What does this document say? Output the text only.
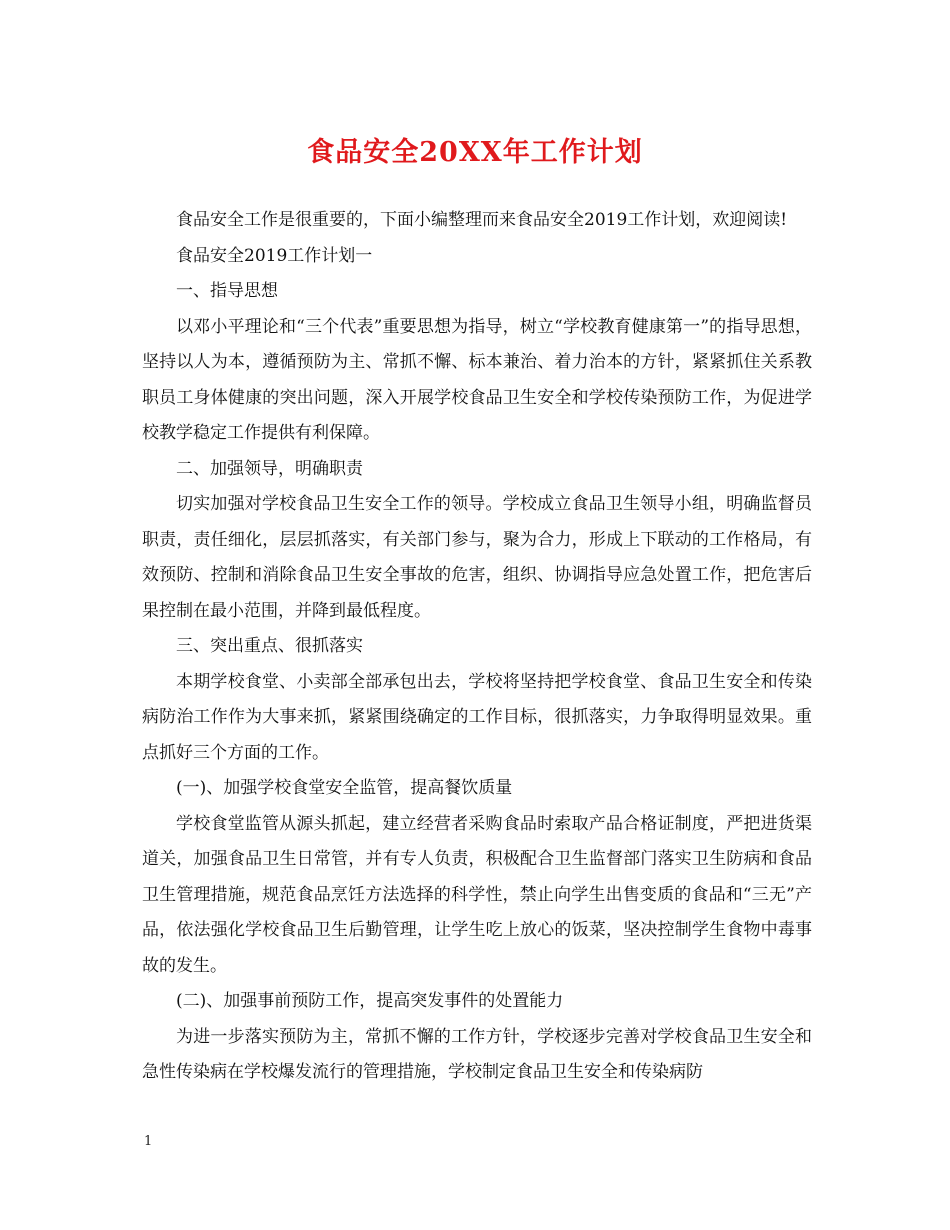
食品安全20XX年工作计划

食品安全工作是很重要的，下面小编整理而来食品安全2019工作计划，欢迎阅读!

食品安全2019工作计划一

一、指导思想

以邓小平理论和“三个代表”重要思想为指导，树立“学校教育健康第一”的指导思想，坚持以人为本，遵循预防为主、常抓不懈、标本兼治、着力治本的方针，紧紧抓住关系教职员工身体健康的突出问题，深入开展学校食品卫生安全和学校传染预防工作，为促进学校教学稳定工作提供有利保障。

二、加强领导，明确职责

切实加强对学校食品卫生安全工作的领导。学校成立食品卫生领导小组，明确监督员职责，责任细化，层层抓落实，有关部门参与，聚为合力，形成上下联动的工作格局，有效预防、控制和消除食品卫生安全事故的危害，组织、协调指导应急处置工作，把危害后果控制在最小范围，并降到最低程度。

三、突出重点、很抓落实

本期学校食堂、小卖部全部承包出去，学校将坚持把学校食堂、食品卫生安全和传染病防治工作作为大事来抓，紧紧围绕确定的工作目标，很抓落实，力争取得明显效果。重点抓好三个方面的工作。

(一)、加强学校食堂安全监管，提高餐饮质量

学校食堂监管从源头抓起，建立经营者采购食品时索取产品合格证制度，严把进货渠道关，加强食品卫生日常管，并有专人负责，积极配合卫生监督部门落实卫生防病和食品卫生管理措施，规范食品烹饪方法选择的科学性，禁止向学生出售变质的食品和“三无”产品，依法强化学校食品卫生后勤管理，让学生吃上放心的饭菜，坚决控制学生食物中毒事故的发生。

(二)、加强事前预防工作，提高突发事件的处置能力

为进一步落实预防为主，常抓不懈的工作方针，学校逐步完善对学校食品卫生安全和急性传染病在学校爆发流行的管理措施，学校制定食品卫生安全和传染病防

1
